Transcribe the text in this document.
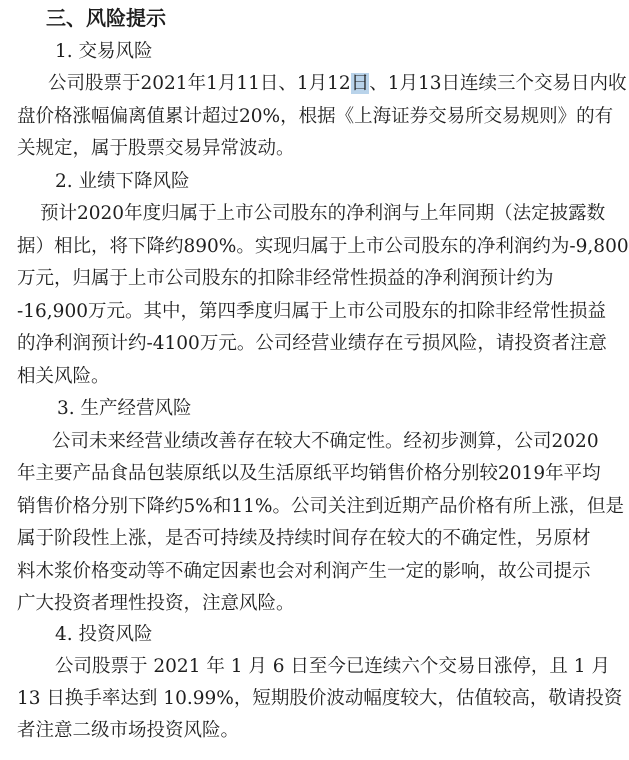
三、风险提示
1. 交易风险
公司股票于2021年1月11日、1月12日、1月13日连续三个交易日内收
盘价格涨幅偏离值累计超过20%，根据《上海证券交易所交易规则》的有
关规定，属于股票交易异常波动。
2. 业绩下降风险
预计2020年度归属于上市公司股东的净利润与上年同期（法定披露数
据）相比，将下降约890%。实现归属于上市公司股东的净利润约为-9,800
万元，归属于上市公司股东的扣除非经常性损益的净利润预计约为
-16,900万元。其中，第四季度归属于上市公司股东的扣除非经常性损益
的净利润预计约-4100万元。公司经营业绩存在亏损风险，请投资者注意
相关风险。
3. 生产经营风险
公司未来经营业绩改善存在较大不确定性。经初步测算，公司2020
年主要产品食品包装原纸以及生活原纸平均销售价格分别较2019年平均
销售价格分别下降约5%和11%。公司关注到近期产品价格有所上涨，但是
属于阶段性上涨，是否可持续及持续时间存在较大的不确定性，另原材
料木浆价格变动等不确定因素也会对利润产生一定的影响，故公司提示
广大投资者理性投资，注意风险。
4. 投资风险
公司股票于 2021 年 1 月 6 日至今已连续六个交易日涨停，且 1 月
13 日换手率达到 10.99%，短期股价波动幅度较大，估值较高，敬请投资
者注意二级市场投资风险。
